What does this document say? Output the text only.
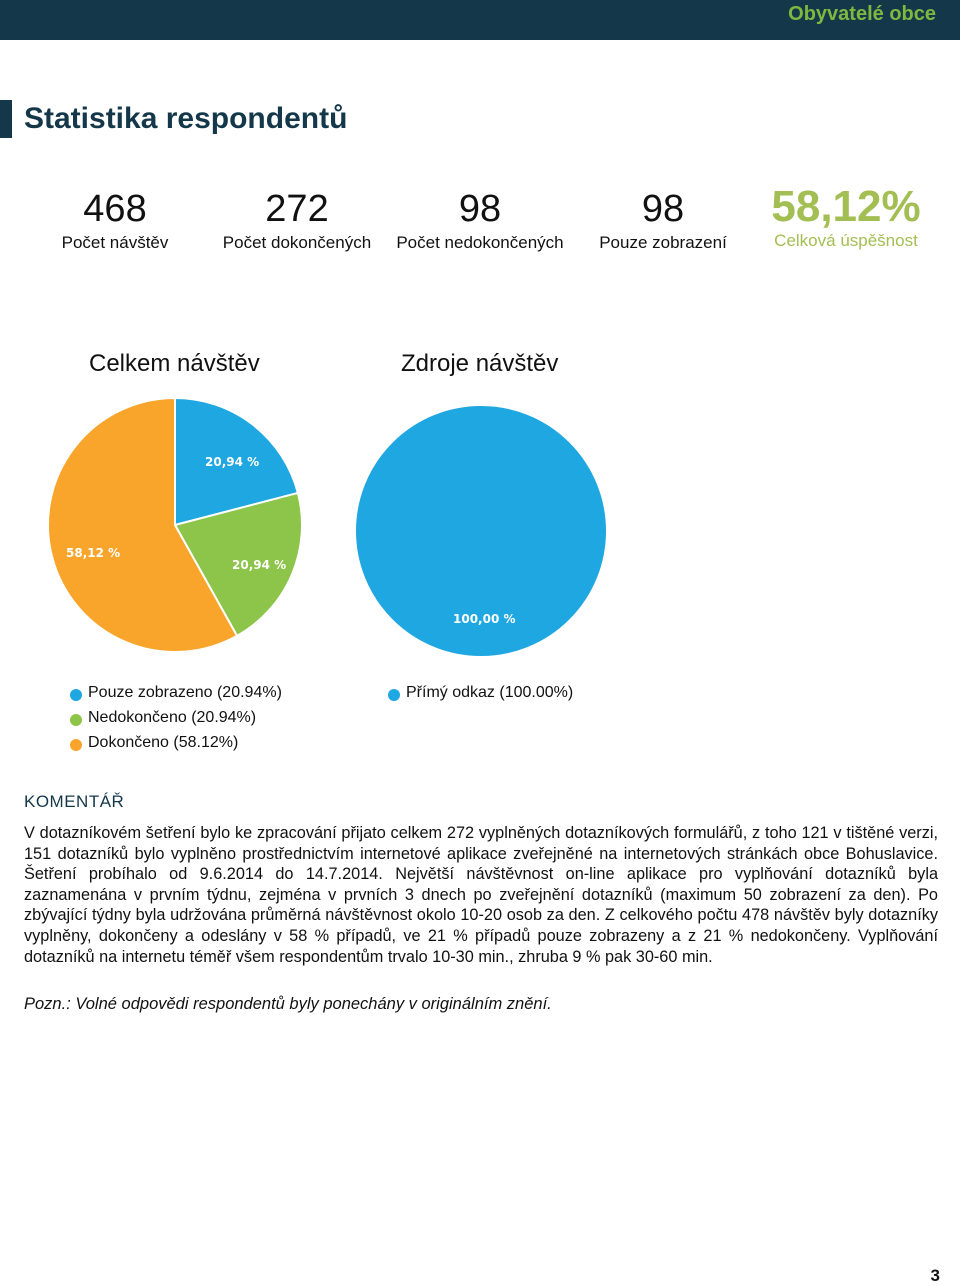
Obyvatelé obce
Statistika respondentů
468
Počet návštěv
272
Počet dokončených
98
Počet nedokončených
98
Pouze zobrazení
58,12%
Celková úspěšnost
Celkem návštěv	Zdroje návštěv
20,94 %
20,94 %
58,12 %
100,00 %
Pouze zobrazeno (20.94%)
Nedokončeno (20.94%)
Dokončeno (58.12%)
Přímý odkaz (100.00%)
KOMENTÁŘ
V dotazníkovém šetření bylo ke zpracování přijato celkem 272 vyplněných dotazníkových formulářů, z toho 121 v tištěné verzi, 151 dotazníků bylo vyplněno prostřednictvím internetové aplikace zveřejněné na internetových stránkách obce Bohuslavice. Šetření probíhalo od 9.6.2014 do 14.7.2014. Největší návštěvnost on-line aplikace pro vyplňování dotazníků byla zaznamenána v prvním týdnu, zejména v prvních 3 dnech po zveřejnění dotazníků (maximum 50 zobrazení za den). Po zbývající týdny byla udržována průměrná návštěvnost okolo 10-20 osob za den. Z celkového počtu 478 návštěv byly dotazníky vyplněny, dokončeny a odeslány v 58 % případů, ve 21 % případů pouze zobrazeny a z 21 % nedokončeny. Vyplňování dotazníků na internetu téměř všem respondentům trvalo 10-30 min., zhruba 9 % pak 30-60 min.
Pozn.: Volné odpovědi respondentů byly ponechány v originálním znění.
3
